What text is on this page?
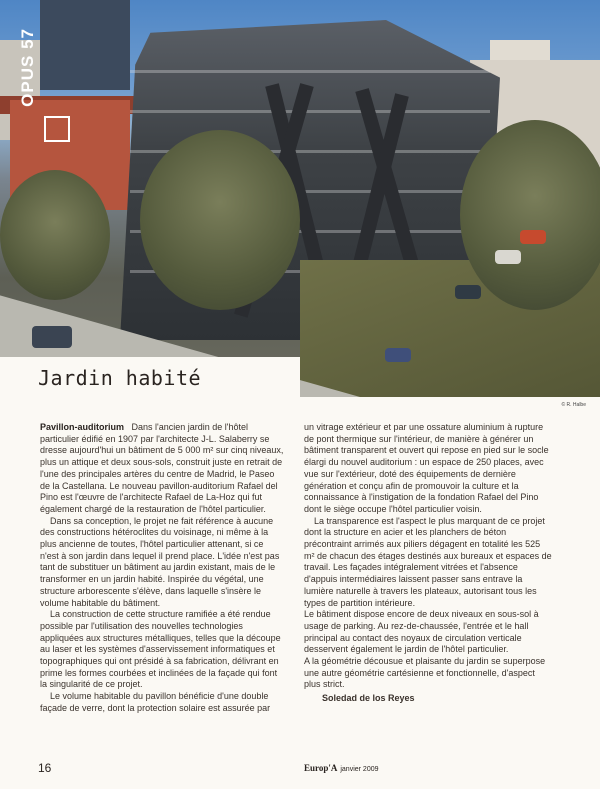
OPUS 57
Jardin habité
© R. Halbe

Pavillon-auditorium Dans l'ancien jardin de l'hôtel particulier édifié en 1907 par l'architecte J-L. Salaberry se dresse aujourd'hui un bâtiment de 5 000 m² sur cinq niveaux, plus un attique et deux sous-sols, construit juste en retrait de l'une des principales artères du centre de Madrid, le Paseo de la Castellana. Le nouveau pavillon-auditorium Rafael del Pino est l'œuvre de l'architecte Rafael de La-Hoz qui fut également chargé de la restauration de l'hôtel particulier.

Dans sa conception, le projet ne fait référence à aucune des constructions hétéroclites du voisinage, ni même à la plus ancienne de toutes, l'hôtel particulier attenant, si ce n'est à son jardin dans lequel il prend place. L'idée n'est pas tant de substituer un bâtiment au jardin existant, mais de le transformer en un jardin habité. Inspirée du végétal, une structure arborescente s'élève, dans laquelle s'insère le volume habitable du bâtiment.

La construction de cette structure ramifiée a été rendue possible par l'utilisation des nouvelles technologies appliquées aux structures métalliques, telles que la découpe au laser et les systèmes d'asservissement informatiques et topographiques qui ont présidé à sa fabrication, délivrant en prime les formes courbées et inclinées de la façade qui font la singularité de ce projet.

Le volume habitable du pavillon bénéficie d'une double façade de verre, dont la protection solaire est assurée par

un vitrage extérieur et par une ossature aluminium à rupture de pont thermique sur l'intérieur, de manière à générer un bâtiment transparent et ouvert qui repose en pied sur le socle élargi du nouvel auditorium : un espace de 250 places, avec vue sur l'extérieur, doté des équipements de dernière génération et conçu afin de promouvoir la culture et la connaissance à l'instigation de la fondation Rafael del Pino dont le siège occupe l'hôtel particulier voisin.

La transparence est l'aspect le plus marquant de ce projet dont la structure en acier et les planchers de béton précontraint arrimés aux piliers dégagent en totalité les 525 m² de chacun des étages destinés aux bureaux et espaces de travail. Les façades intégralement vitrées et l'absence d'appuis intermédiaires laissent passer sans entrave la lumière naturelle à travers les plateaux, autorisant tous les types de partition intérieure.

Le bâtiment dispose encore de deux niveaux en sous-sol à usage de parking. Au rez-de-chaussée, l'entrée et le hall principal au contact des noyaux de circulation verticale desservent également le jardin de l'hôtel particulier.

A la géométrie décousue et plaisante du jardin se superpose une autre géométrie cartésienne et fonctionnelle, d'aspect plus strict.

Soledad de los Reyes

16	Europ'A janvier 2009
